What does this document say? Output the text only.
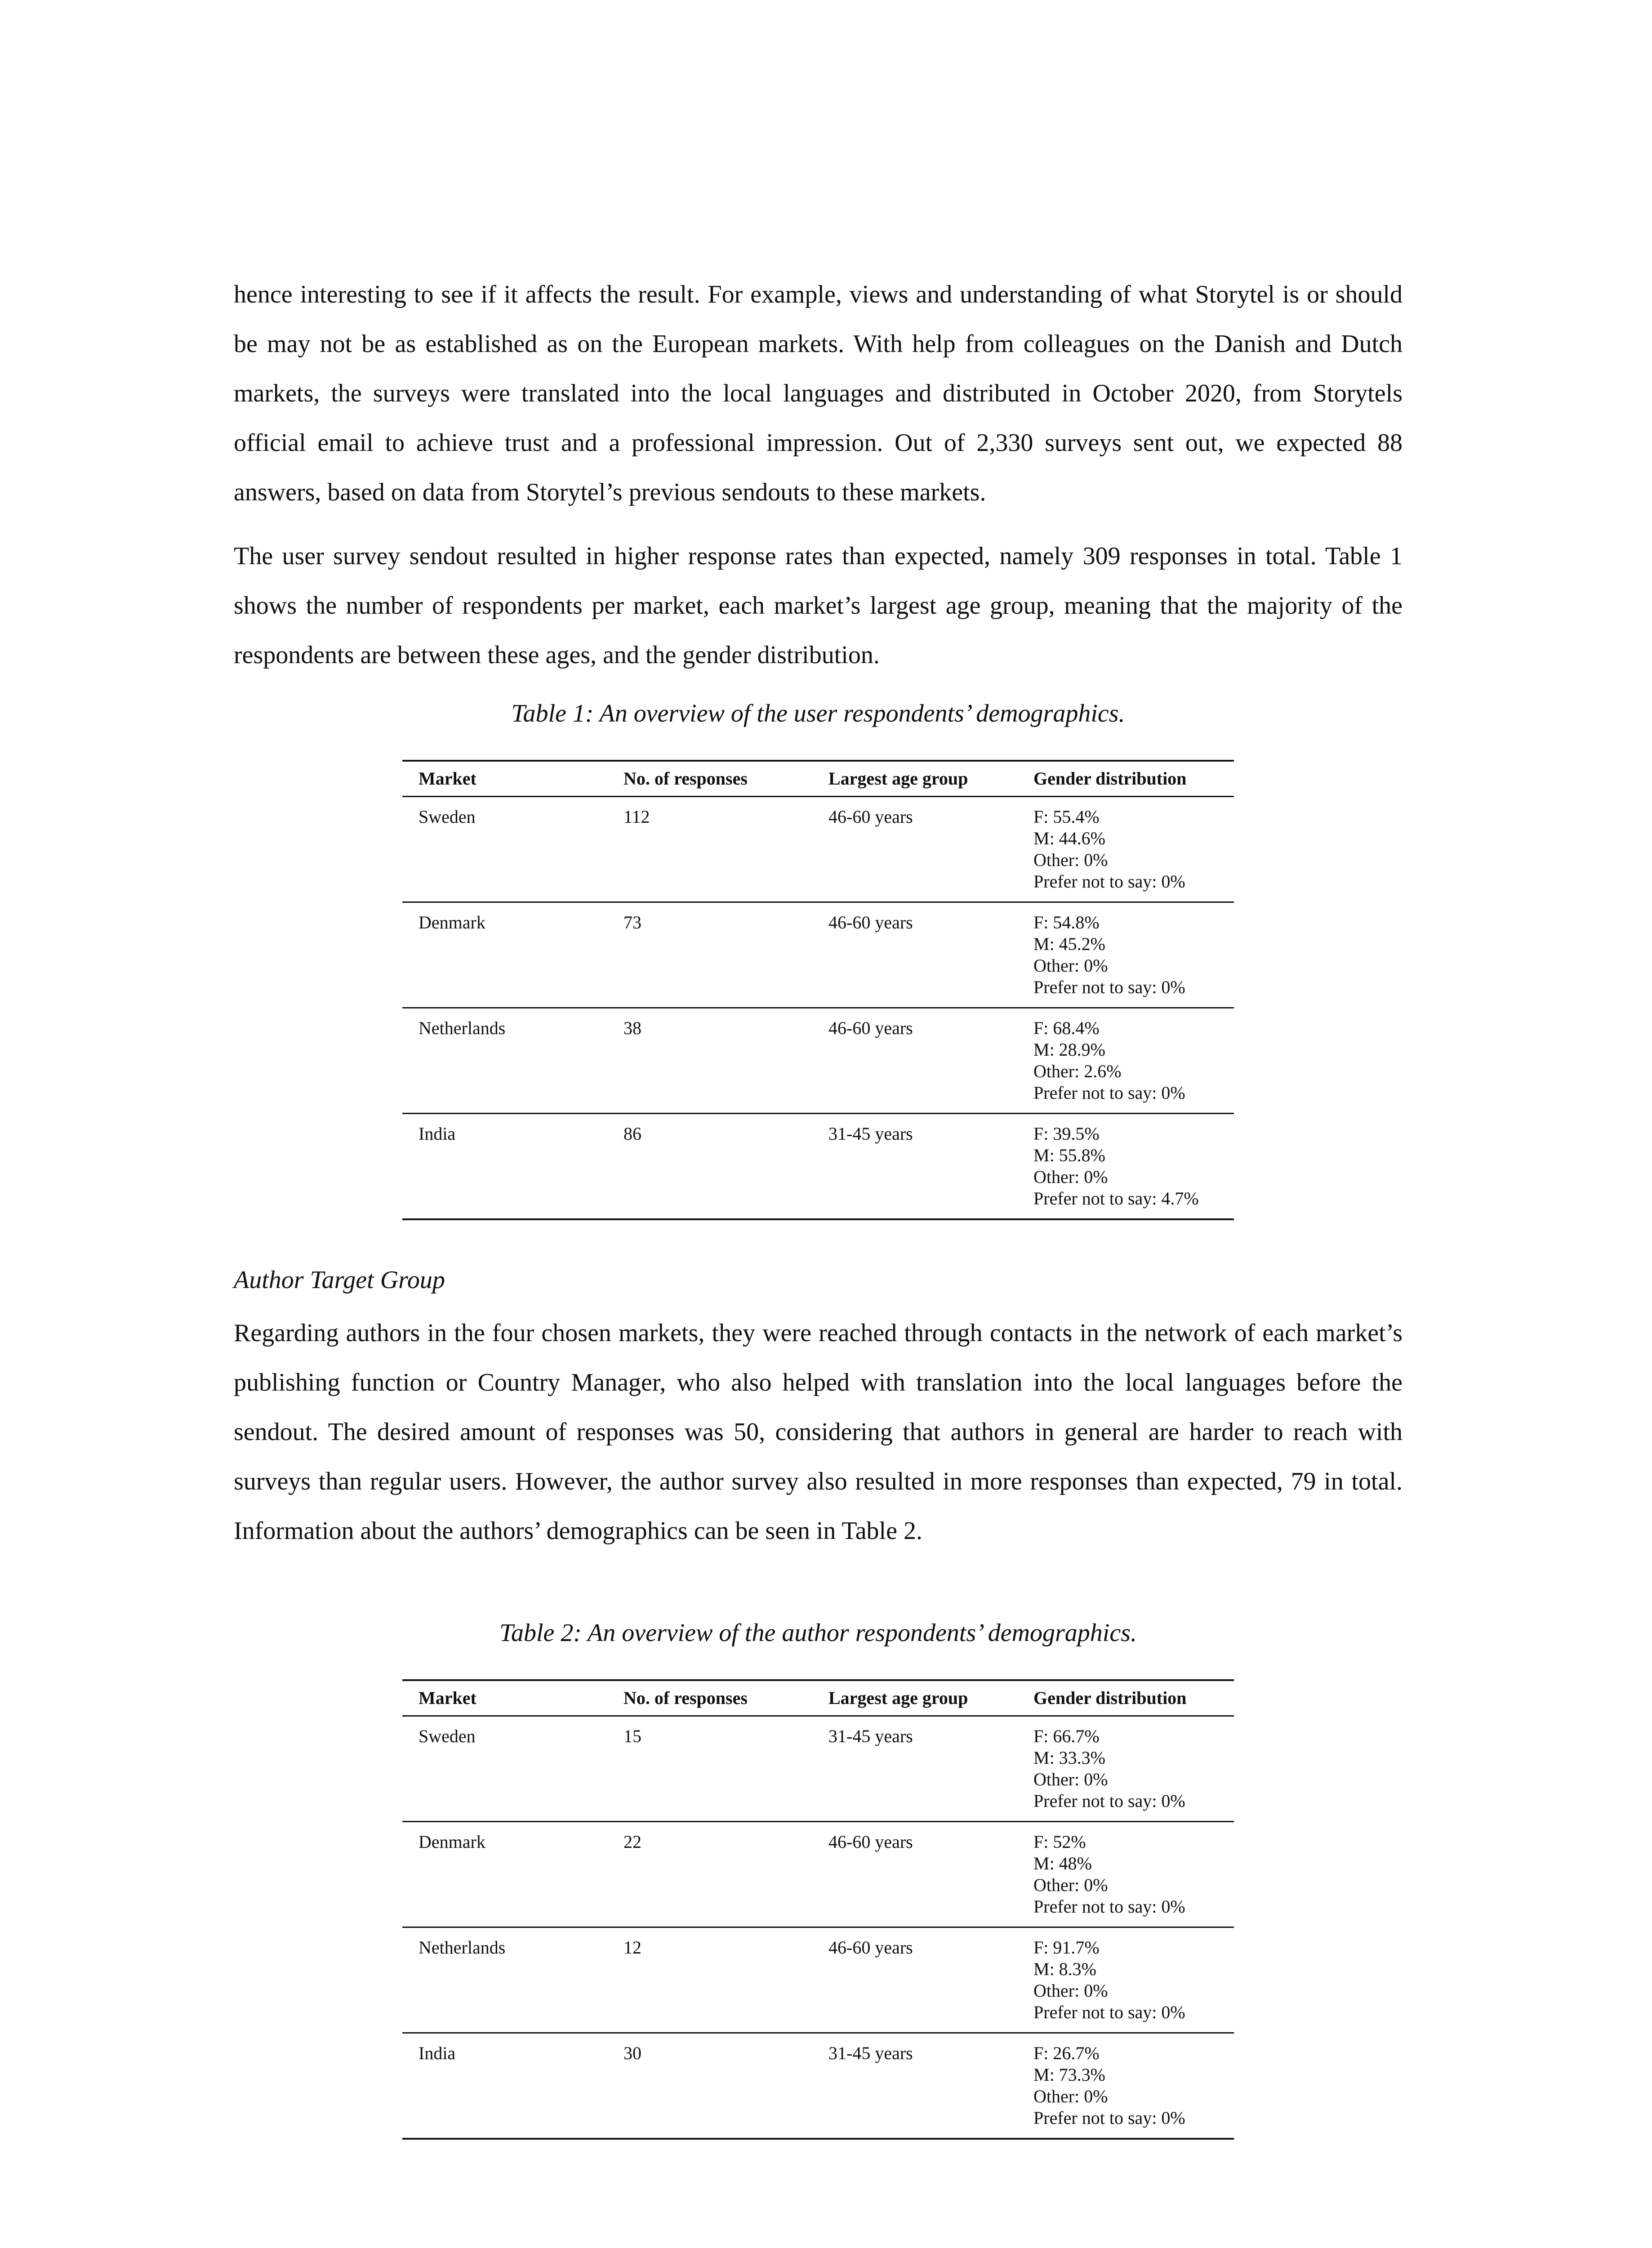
hence interesting to see if it affects the result. For example, views and understanding of what Storytel is or should be may not be as established as on the European markets. With help from colleagues on the Danish and Dutch markets, the surveys were translated into the local languages and distributed in October 2020, from Storytels official email to achieve trust and a professional impression. Out of 2,330 surveys sent out, we expected 88 answers, based on data from Storytel’s previous sendouts to these markets.

The user survey sendout resulted in higher response rates than expected, namely 309 responses in total. Table 1 shows the number of respondents per market, each market’s largest age group, meaning that the majority of the respondents are between these ages, and the gender distribution.

Table 1: An overview of the user respondents’ demographics.

Market	No. of responses	Largest age group	Gender distribution
Sweden	112	46-60 years	F: 55.4%
M: 44.6%
Other: 0%
Prefer not to say: 0%

Denmark	73	46-60 years	F: 54.8%
M: 45.2%
Other: 0%
Prefer not to say: 0%

Netherlands	38	46-60 years	F: 68.4%
M: 28.9%
Other: 2.6%
Prefer not to say: 0%

India	86	31-45 years	F: 39.5%
M: 55.8%
Other: 0%
Prefer not to say: 4.7%

Author Target Group

Regarding authors in the four chosen markets, they were reached through contacts in the network of each market’s publishing function or Country Manager, who also helped with translation into the local languages before the sendout. The desired amount of responses was 50, considering that authors in general are harder to reach with surveys than regular users. However, the author survey also resulted in more responses than expected, 79 in total. Information about the authors’ demographics can be seen in Table 2.

Table 2: An overview of the author respondents’ demographics.

Market	No. of responses	Largest age group	Gender distribution
Sweden	15	31-45 years	F: 66.7%
M: 33.3%
Other: 0%
Prefer not to say: 0%

Denmark	22	46-60 years	F: 52%
M: 48%
Other: 0%
Prefer not to say: 0%

Netherlands	12	46-60 years	F: 91.7%
M: 8.3%
Other: 0%
Prefer not to say: 0%

India	30	31-45 years	F: 26.7%
M: 73.3%
Other: 0%
Prefer not to say: 0%
